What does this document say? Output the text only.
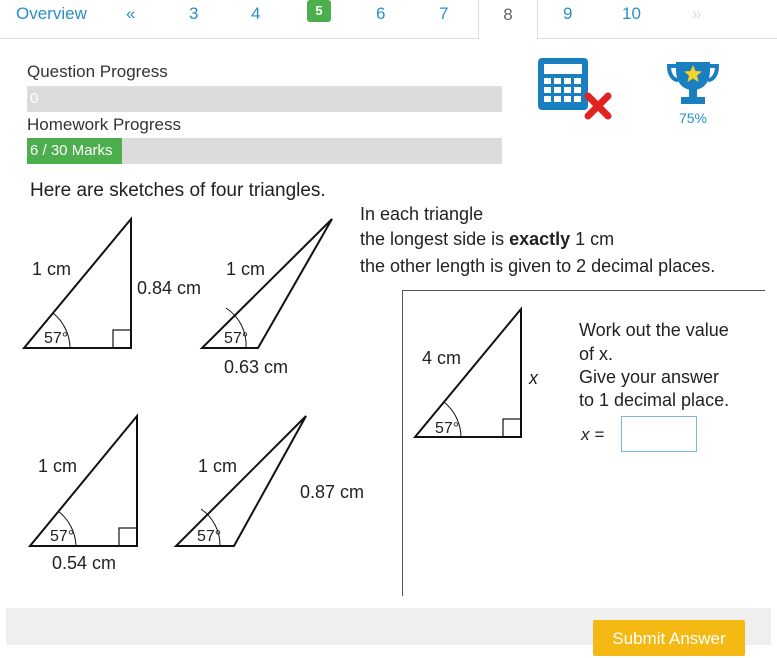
Overview «	3	4	5	6	7	8	9	10	»
Question Progress
0
Homework Progress
6 / 30 Marks
75%
Here are sketches of four triangles.
In each triangle
the longest side is exactly 1 cm
the other length is given to 2 decimal places.
1 cm
0.84 cm
57°
1 cm
0.63 cm
57°
1 cm
0.54 cm
57°
1 cm
0.87 cm
57°
4 cm
x
57°
Work out the value
of x.
Give your answer
to 1 decimal place.
x =
Submit Answer
